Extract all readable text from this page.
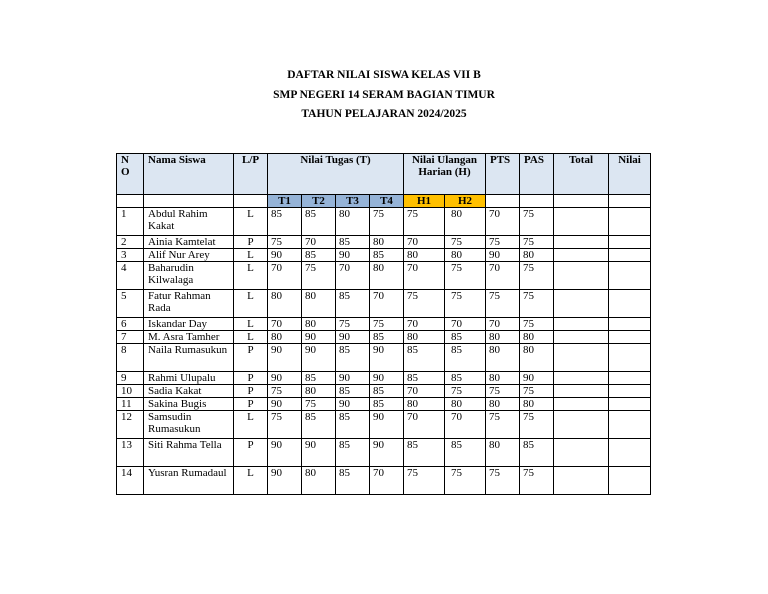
DAFTAR NILAI SISWA KELAS VII B
SMP NEGERI 14 SERAM BAGIAN TIMUR
TAHUN PELAJARAN 2024/2025
N O	Nama Siswa	L/P	Nilai Tugas (T)				Nilai Ulangan Harian (H)		PTS	PAS	Total	Nilai
			T1	T2	T3	T4	H1	H2				
1	Abdul Rahim Kakat	L	85	85	80	75	75	80	70	75		
2	Ainia Kamtelat	P	75	70	85	80	70	75	75	75		
3	Alif Nur Arey	L	90	85	90	85	80	80	90	80		
4	Baharudin Kilwalaga	L	70	75	70	80	70	75	70	75		
5	Fatur Rahman Rada	L	80	80	85	70	75	75	75	75		
6	Iskandar Day	L	70	80	75	75	70	70	70	75		
7	M. Asra Tamher	L	80	90	90	85	80	85	80	80		
8	Naila Rumasukun	P	90	90	85	90	85	85	80	80		
9	Rahmi Ulupalu	P	90	85	90	90	85	85	80	90		
10	Sadia Kakat	P	75	80	85	85	70	75	75	75		
11	Sakina Bugis	P	90	75	90	85	80	80	80	80		
12	Samsudin Rumasukun	L	75	85	85	90	70	70	75	75		
13	Siti Rahma Tella	P	90	90	85	90	85	85	80	85		
14	Yusran Rumadaul	L	90	80	85	70	75	75	75	75		
